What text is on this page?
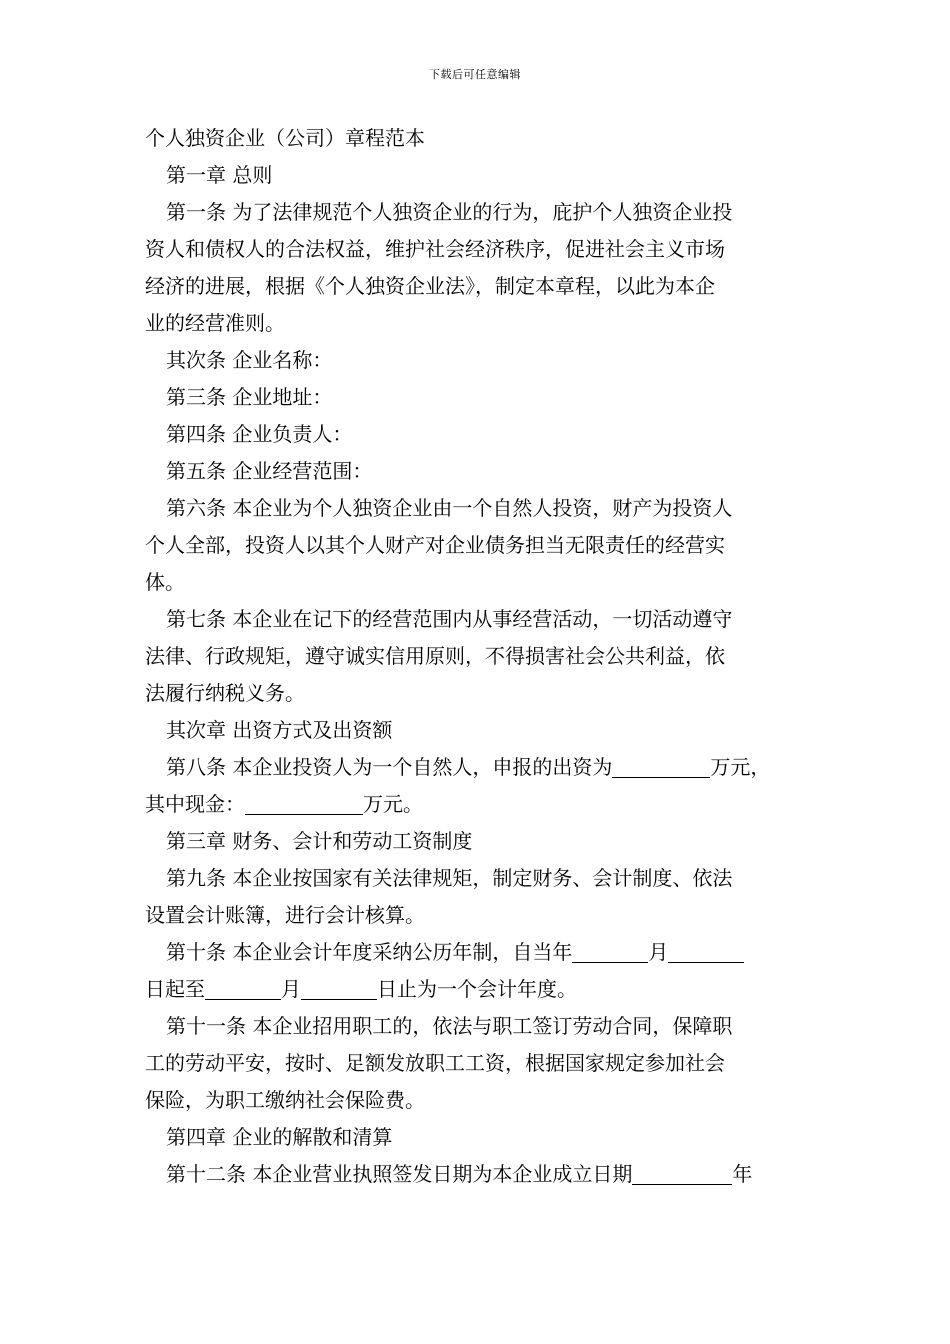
下载后可任意编辑
个人独资企业（公司）章程范本
第一章 总则
第一条 为了法律规范个人独资企业的行为，庇护个人独资企业投
资人和债权人的合法权益，维护社会经济秩序，促进社会主义市场
经济的进展，根据《个人独资企业法》，制定本章程，以此为本企
业的经营准则。
其次条 企业名称：
第三条 企业地址：
第四条 企业负责人：
第五条 企业经营范围：
第六条 本企业为个人独资企业由一个自然人投资，财产为投资人
个人全部，投资人以其个人财产对企业债务担当无限责任的经营实
体。
第七条 本企业在记下的经营范围内从事经营活动，一切活动遵守
法律、行政规矩，遵守诚实信用原则，不得损害社会公共利益，依
法履行纳税义务。
其次章 出资方式及出资额
第八条 本企业投资人为一个自然人，申报的出资为	万元，
其中现金：	万元。
第三章 财务、会计和劳动工资制度
第九条 本企业按国家有关法律规矩，制定财务、会计制度、依法
设置会计账簿，进行会计核算。
第十条 本企业会计年度采纳公历年制，自当年	月
日起至	月	日止为一个会计年度。
第十一条 本企业招用职工的，依法与职工签订劳动合同，保障职
工的劳动平安，按时、足额发放职工工资，根据国家规定参加社会
保险，为职工缴纳社会保险费。
第四章 企业的解散和清算
第十二条 本企业营业执照签发日期为本企业成立日期	年
